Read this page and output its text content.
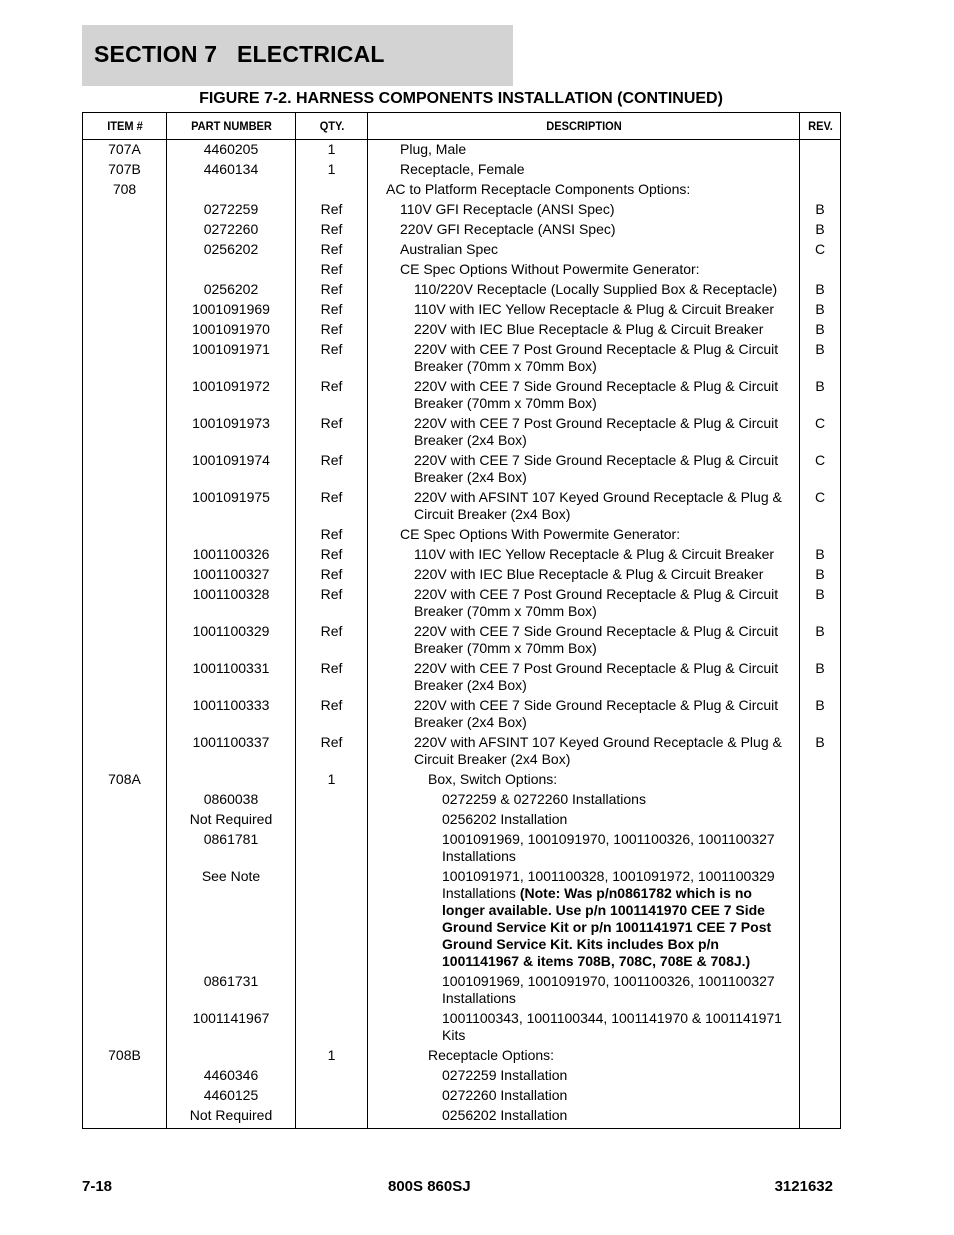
SECTION 7   ELECTRICAL
FIGURE 7-2. HARNESS COMPONENTS INSTALLATION (CONTINUED)
ITEM #	PART NUMBER	QTY.	DESCRIPTION	REV.
707A	4460205	1	Plug, Male	
707B	4460134	1	Receptacle, Female	
708			AC to Platform Receptacle Components Options:	
	0272259	Ref	110V GFI Receptacle (ANSI Spec)	B
	0272260	Ref	220V GFI Receptacle (ANSI Spec)	B
	0256202	Ref	Australian Spec	C
		Ref	CE Spec Options Without Powermite Generator:	
	0256202	Ref	110/220V Receptacle (Locally Supplied Box & Receptacle)	B
	1001091969	Ref	110V with IEC Yellow Receptacle & Plug & Circuit Breaker	B
	1001091970	Ref	220V with IEC Blue Receptacle & Plug & Circuit Breaker	B
	1001091971	Ref	220V with CEE 7 Post Ground Receptacle & Plug & Circuit Breaker (70mm x 70mm Box)	B
	1001091972	Ref	220V with CEE 7 Side Ground Receptacle & Plug & Circuit Breaker (70mm x 70mm Box)	B
	1001091973	Ref	220V with CEE 7 Post Ground Receptacle & Plug & Circuit Breaker (2x4 Box)	C
	1001091974	Ref	220V with CEE 7 Side Ground Receptacle & Plug & Circuit Breaker (2x4 Box)	C
	1001091975	Ref	220V with AFSINT 107 Keyed Ground Receptacle & Plug & Circuit Breaker (2x4 Box)	C
		Ref	CE Spec Options With Powermite Generator:	
	1001100326	Ref	110V with IEC Yellow Receptacle & Plug & Circuit Breaker	B
	1001100327	Ref	220V with IEC Blue Receptacle & Plug & Circuit Breaker	B
	1001100328	Ref	220V with CEE 7 Post Ground Receptacle & Plug & Circuit Breaker (70mm x 70mm Box)	B
	1001100329	Ref	220V with CEE 7 Side Ground Receptacle & Plug & Circuit Breaker (70mm x 70mm Box)	B
	1001100331	Ref	220V with CEE 7 Post Ground Receptacle & Plug & Circuit Breaker (2x4 Box)	B
	1001100333	Ref	220V with CEE 7 Side Ground Receptacle & Plug & Circuit Breaker (2x4 Box)	B
	1001100337	Ref	220V with AFSINT 107 Keyed Ground Receptacle & Plug & Circuit Breaker (2x4 Box)	B
708A		1	Box, Switch Options:	
	0860038		0272259 & 0272260 Installations	
	Not Required		0256202 Installation	
	0861781		1001091969, 1001091970, 1001100326, 1001100327 Installations	
	See Note		1001091971, 1001100328, 1001091972, 1001100329 Installations (Note: Was p/n0861782 which is no longer available. Use p/n 1001141970 CEE 7 Side Ground Service Kit or p/n 1001141971 CEE 7 Post Ground Service Kit. Kits includes Box p/n 1001141967 & items 708B, 708C, 708E & 708J.)	
	0861731		1001091969, 1001091970, 1001100326, 1001100327 Installations	
	1001141967		1001100343, 1001100344, 1001141970 & 1001141971 Kits	
708B		1	Receptacle Options:	
	4460346		0272259 Installation	
	4460125		0272260 Installation	
	Not Required		0256202 Installation	
7-18	800S 860SJ	3121632
